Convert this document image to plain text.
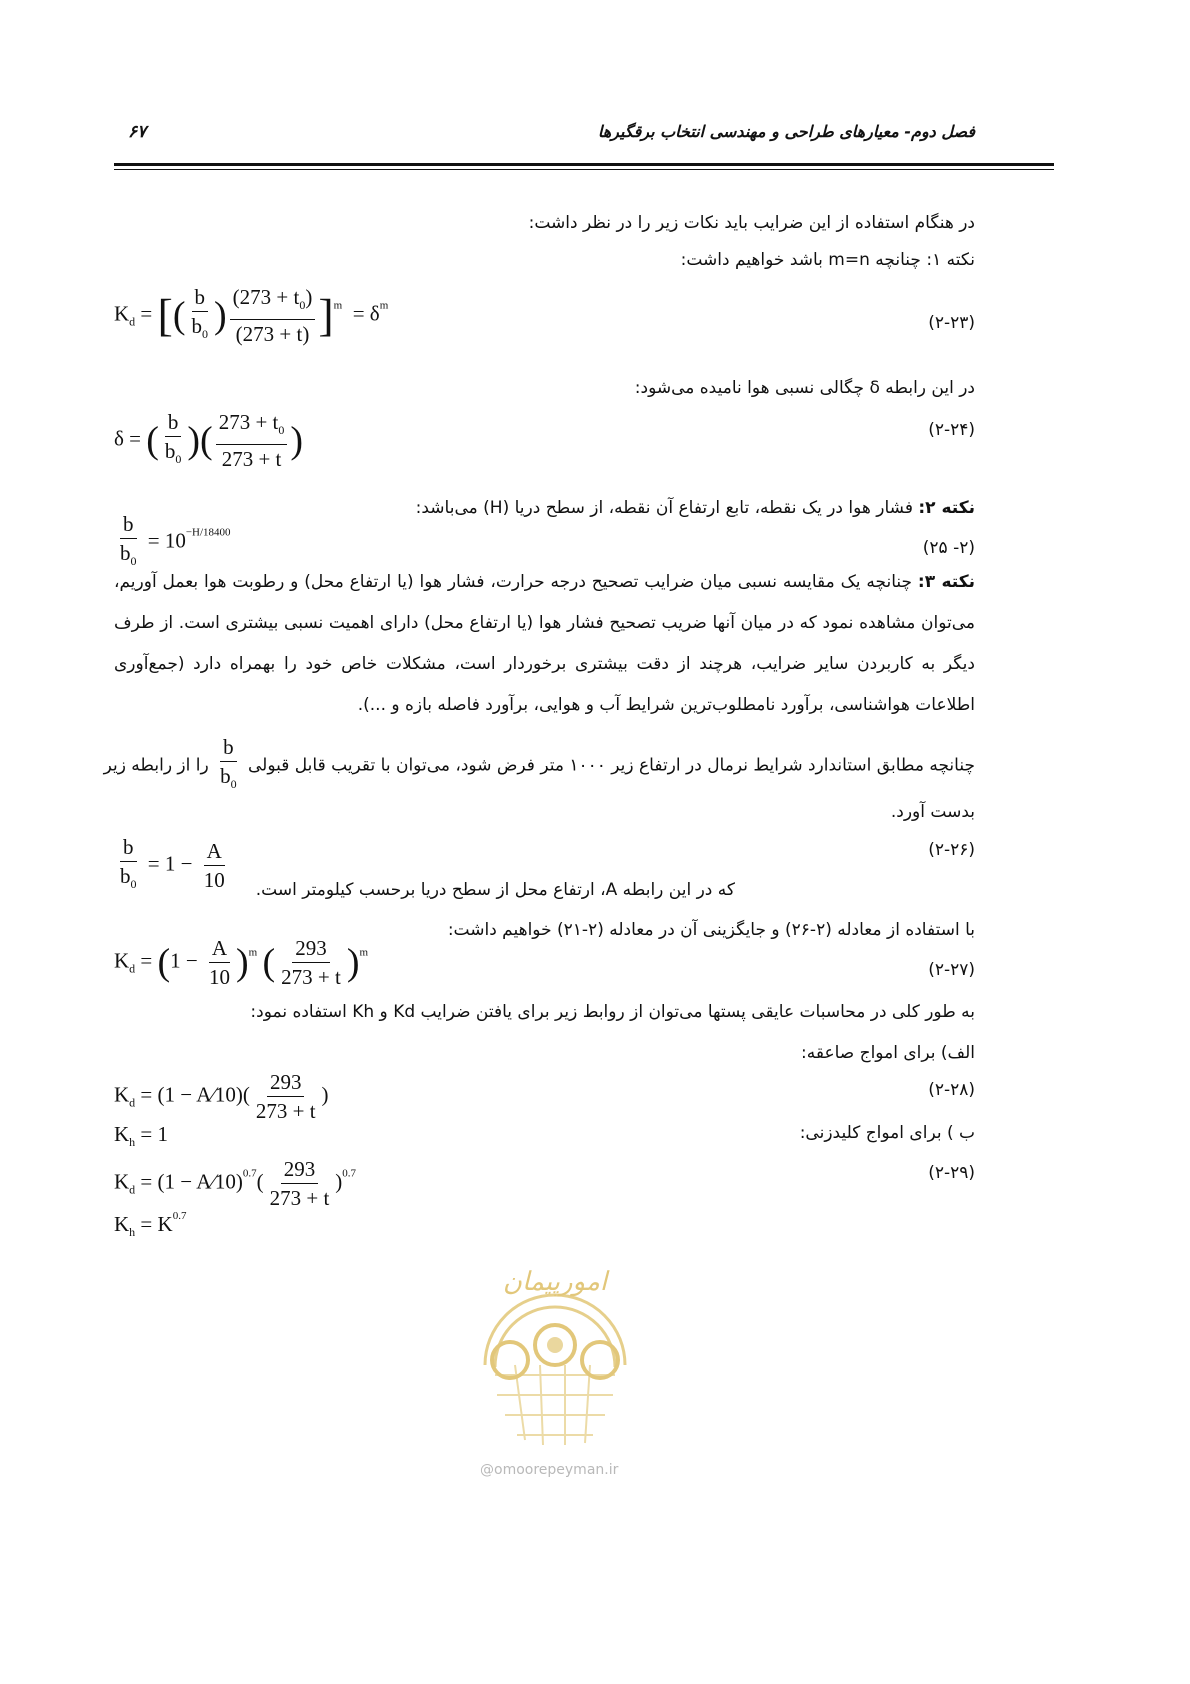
فصل دوم- معیارهای طراحی و مهندسی انتخاب برقگیرها
۶۷
در هنگام استفاده از این ضرایب باید نکات زیر را در نظر داشت:
نکته ۱: چنانچه m=n باشد خواهیم داشت:
(۲-۲۳)
$K_d$ = [( $\frac{b}{b_0}$ ) $\frac{(273 + t_0)}{(273 + t)} ]^m = \delta^m$
در این رابطه δ چگالی نسبی هوا نامیده می‌شود:
(۲-۲۴)
δ = ( $\frac{b}{b_0}$ )( $\frac{273 + t_0}{273 + t}$ )
نکته ۲: فشار هوا در یک نقطه، تابع ارتفاع آن نقطه، از سطح دریا (H) می‌باشد:
$\frac{b}{b_0} = 10^{-H/18400}$
(۲۵ -۲)
نکته ۳: چنانچه یک مقایسه نسبی میان ضرایب تصحیح درجه حرارت، فشار هوا (یا ارتفاع محل) و رطوبت هوا بعمل آوریم، می‌توان مشاهده نمود که در میان آنها ضریب تصحیح فشار هوا (یا ارتفاع محل) دارای اهمیت نسبی بیشتری است. از طرف دیگر به کاربردن سایر ضرایب، هرچند از دقت بیشتری برخوردار است، مشکلات خاص خود را بهمراه دارد (جمع‌آوری اطلاعات هواشناسی، برآورد نامطلوب‌ترین شرایط آب و هوایی، برآورد فاصله بازه و ...).
چنانچه مطابق استاندارد شرایط نرمال در ارتفاع زیر ۱۰۰۰ متر فرض شود، می‌توان با تقریب قابل قبولی
$\frac{b}{b_0}$
را از رابطه زیر
بدست آورد.
$\frac{b}{b_0} = 1 - \frac{A}{10}$	(۲-۲۶)
که در این رابطه A، ارتفاع محل از سطح دریا برحسب کیلومتر است.
با استفاده از معادله (۲-۲۶) و جایگزینی آن در معادله (۲-۲۱) خواهیم داشت:
$K_d = (1 - \frac{A}{10} )^m$ ( $\frac{293}{273 + t} )^m$
(۲-۲۷)
به طور کلی در محاسبات عایقی پستها می‌توان از روابط زیر برای یافتن ضرایب Kd و Kh استفاده نمود:
الف) برای امواج صاعقه:
$K_d = (1$ − A⁄10)( $\frac{293}{273 + t}$ )	(۲-۲۸)
$K_h = 1$	ب ) برای امواج کلیدزنی:
$K_d = (1$ − A⁄10)$^{0.7}$( $\frac{293}{273 + t} )^{0.7}$	(۲-۲۹)
$K_h = K^{0.7}$
امورپیمان
@omoorepeyman.ir
